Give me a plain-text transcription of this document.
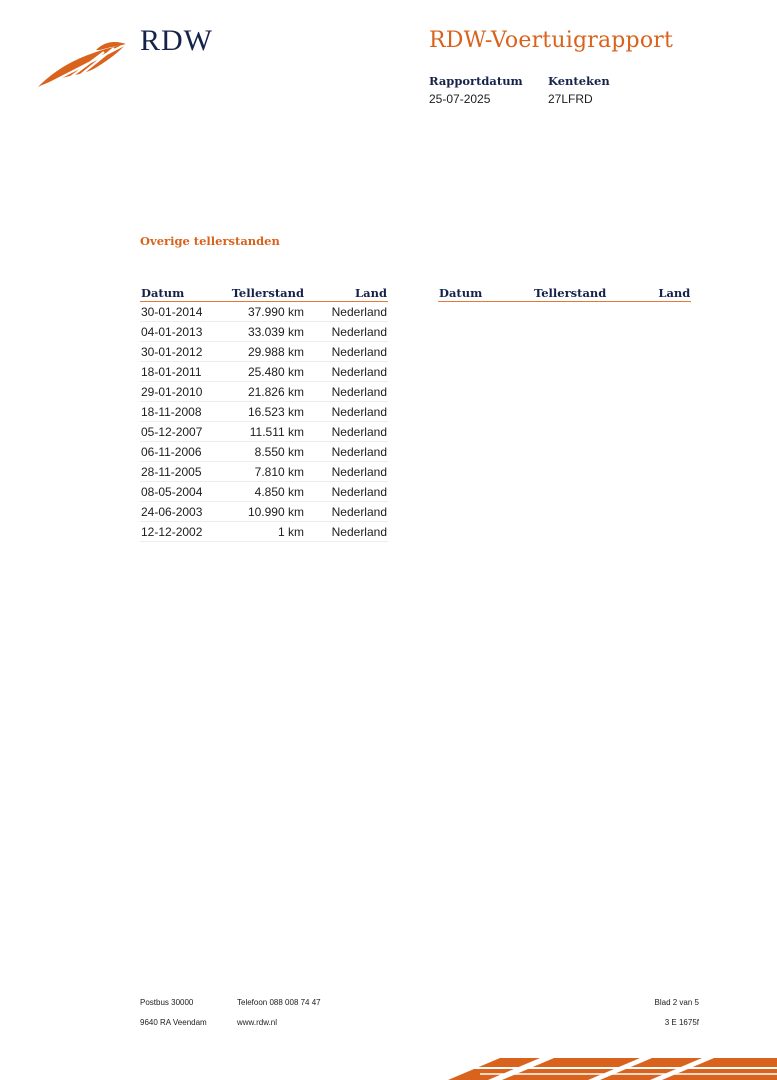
RDW	RDW-Voertuigrapport
Rapportdatum
25-07-2025
Kenteken
27LFRD
Overige tellerstanden
Datum	Tellerstand	Land
30-01-2014	37.990 km	Nederland
04-01-2013	33.039 km	Nederland
30-01-2012	29.988 km	Nederland
18-01-2011	25.480 km	Nederland
29-01-2010	21.826 km	Nederland
18-11-2008	16.523 km	Nederland
05-12-2007	11.511 km	Nederland
06-11-2006	8.550 km	Nederland
28-11-2005	7.810 km	Nederland
08-05-2004	4.850 km	Nederland
24-06-2003	10.990 km	Nederland
12-12-2002	1 km	Nederland
Datum	Tellerstand	Land
Postbus 30000
9640 RA Veendam
Telefoon 088 008 74 47
www.rdw.nl
Blad 2 van 5
3 E 1675f
